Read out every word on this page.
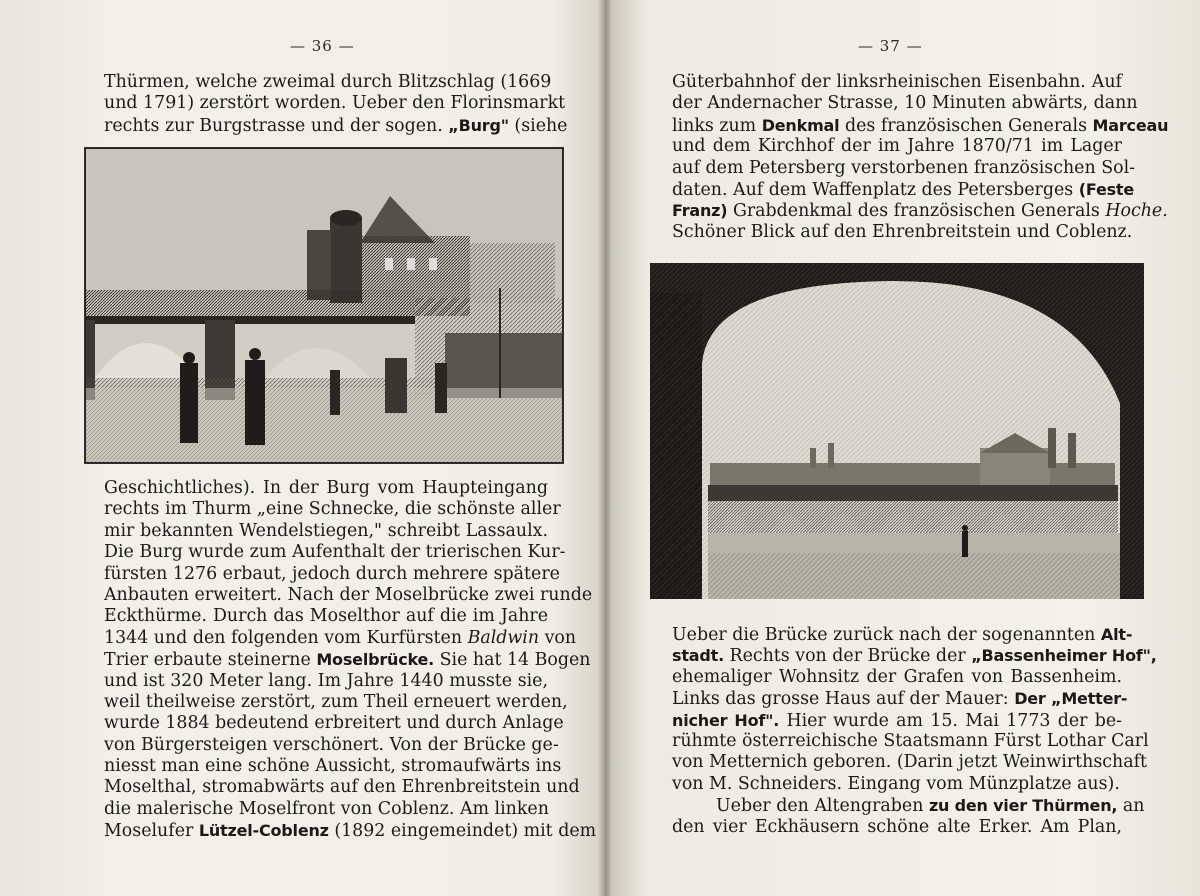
— 36 —
Thürmen, welche zweimal durch Blitzschlag (1669
und 1791) zerstört worden. Ueber den Florinsmarkt
rechts zur Burgstrasse und der sogen. „Burg" (siehe
Geschichtliches). In der Burg vom Haupteingang
rechts im Thurm „eine Schnecke, die schönste aller
mir bekannten Wendelstiegen," schreibt Lassaulx.
Die Burg wurde zum Aufenthalt der trierischen Kur-
fürsten 1276 erbaut, jedoch durch mehrere spätere
Anbauten erweitert. Nach der Moselbrücke zwei runde
Eckthürme. Durch das Moselthor auf die im Jahre
1344 und den folgenden vom Kurfürsten Baldwin von
Trier erbaute steinerne Moselbrücke. Sie hat 14 Bogen
und ist 320 Meter lang. Im Jahre 1440 musste sie,
weil theilweise zerstört, zum Theil erneuert werden,
wurde 1884 bedeutend erbreitert und durch Anlage
von Bürgersteigen verschönert. Von der Brücke ge-
niesst man eine schöne Aussicht, stromaufwärts ins
Moselthal, stromabwärts auf den Ehrenbreitstein und
die malerische Moselfront von Coblenz. Am linken
Moselufer Lützel-Coblenz (1892 eingemeindet) mit dem
— 37 —
Güterbahnhof der linksrheinischen Eisenbahn. Auf
der Andernacher Strasse, 10 Minuten abwärts, dann
links zum Denkmal des französischen Generals Marceau
und dem Kirchhof der im Jahre 1870/71 im Lager
auf dem Petersberg verstorbenen französischen Sol-
daten. Auf dem Waffenplatz des Petersberges (Feste
Franz) Grabdenkmal des französischen Generals Hoche.
Schöner Blick auf den Ehrenbreitstein und Coblenz.
Ueber die Brücke zurück nach der sogenannten Alt-
stadt. Rechts von der Brücke der „Bassenheimer Hof",
ehemaliger Wohnsitz der Grafen von Bassenheim.
Links das grosse Haus auf der Mauer: Der „Metter-
nicher Hof". Hier wurde am 15. Mai 1773 der be-
rühmte österreichische Staatsmann Fürst Lothar Carl
von Metternich geboren. (Darin jetzt Weinwirthschaft
von M. Schneiders. Eingang vom Münzplatze aus).
Ueber den Altengraben zu den vier Thürmen, an
den vier Eckhäusern schöne alte Erker. Am Plan,
